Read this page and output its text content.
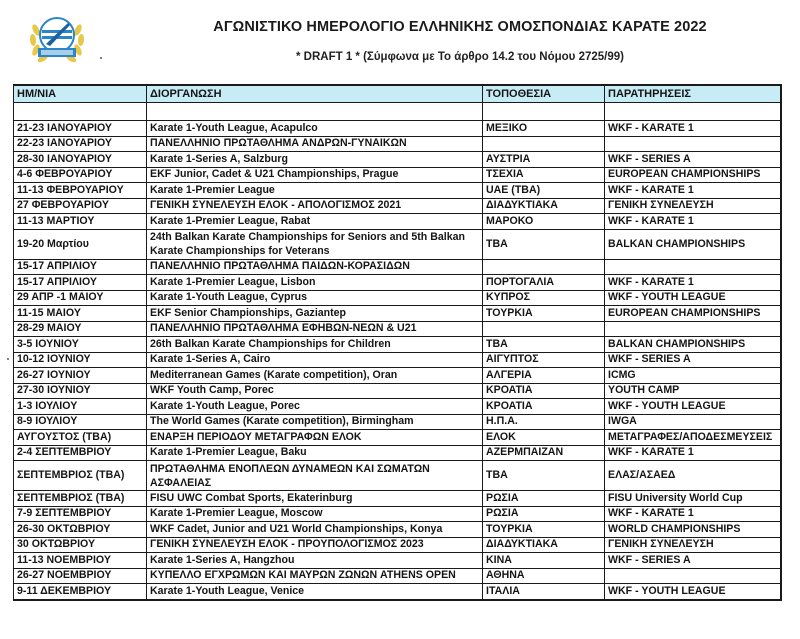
ΑΓΩΝΙΣΤΙΚΟ ΗΜΕΡΟΛΟΓΙΟ ΕΛΛΗΝΙΚΗΣ ΟΜΟΣΠΟΝΔΙΑΣ ΚΑΡΑΤΕ 2022
* DRAFT 1 * (Σύμφωνα με Το άρθρο 14.2 του Νόμου 2725/99)
ΗΜ/ΝΙΑ	ΔΙΟΡΓΑΝΩΣΗ	ΤΟΠΟΘΕΣΙΑ	ΠΑΡΑΤΗΡΗΣΕΙΣ

21-23 ΙΑΝΟΥΑΡΙΟΥ	Karate 1-Youth League, Acapulco	ΜΕΞΙΚΟ	WKF - KARATE 1
22-23 ΙΑΝΟΥΑΡΙΟΥ	ΠΑΝΕΛΛΗΝΙΟ ΠΡΩΤΑΘΛΗΜΑ ΑΝΔΡΩΝ-ΓΥΝΑΙΚΩΝ		
28-30 ΙΑΝΟΥΑΡΙΟΥ	Karate 1-Series A, Salzburg	ΑΥΣΤΡΙΑ	WKF - SERIES A
4-6 ΦΕΒΡΟΥΑΡΙΟΥ	EKF Junior, Cadet & U21 Championships, Prague	ΤΣΕΧΙΑ	EUROPEAN CHAMPIONSHIPS
11-13 ΦΕΒΡΟΥΑΡΙΟΥ	Karate 1-Premier League	UAE (TBA)	WKF - KARATE 1
27 ΦΕΒΡΟΥΑΡΙΟΥ	ΓΕΝΙΚΗ ΣΥΝΕΛΕΥΣΗ ΕΛΟΚ - ΑΠΟΛΟΓΙΣΜΟΣ 2021	ΔΙΑΔΥΚΤΙΑΚΑ	ΓΕΝΙΚΗ ΣΥΝΕΛΕΥΣΗ
11-13 ΜΑΡΤΙΟΥ	Karate 1-Premier League, Rabat	ΜΑΡΟΚΟ	WKF - KARATE 1
19-20 Μαρτίου	24th Balkan Karate Championships for Seniors and 5th Balkan Karate Championships for Veterans	TBA	BALKAN CHAMPIONSHIPS
15-17 ΑΠΡΙΛΙΟΥ	ΠΑΝΕΛΛΗΝΙΟ ΠΡΩΤΑΘΛΗΜΑ ΠΑΙΔΩΝ-ΚΟΡΑΣΙΔΩΝ		
15-17 ΑΠΡΙΛΙΟΥ	Karate 1-Premier League, Lisbon	ΠΟΡΤΟΓΑΛΙΑ	WKF - KARATE 1
29 ΑΠΡ -1 ΜΑΙΟΥ	Karate 1-Youth League, Cyprus	ΚΥΠΡΟΣ	WKF - YOUTH LEAGUE
11-15 ΜΑΙΟΥ	EKF Senior Championships, Gaziantep	ΤΟΥΡΚΙΑ	EUROPEAN CHAMPIONSHIPS
28-29 ΜΑΙΟΥ	ΠΑΝΕΛΛΗΝΙΟ ΠΡΩΤΑΘΛΗΜΑ ΕΦΗΒΩΝ-ΝΕΩΝ & U21		
3-5 ΙΟΥΝΙΟΥ	26th Balkan Karate Championships for Children	TBA	BALKAN CHAMPIONSHIPS
10-12 ΙΟΥΝΙΟΥ	Karate 1-Series A, Cairo	ΑΙΓΥΠΤΟΣ	WKF - SERIES A
26-27 ΙΟΥΝΙΟΥ	Mediterranean Games (Karate competition), Oran	ΑΛΓΕΡΙΑ	ICMG
27-30 ΙΟΥΝΙΟΥ	WKF Youth Camp, Porec	ΚΡΟΑΤΙΑ	YOUTH CAMP
1-3 ΙΟΥΛΙΟΥ	Karate 1-Youth League, Porec	ΚΡΟΑΤΙΑ	WKF - YOUTH LEAGUE
8-9 ΙΟΥΛΙΟΥ	The World Games (Karate competition), Birmingham	Η.Π.Α.	IWGA
ΑΥΓΟΥΣΤΟΣ (TBA)	ΕΝΑΡΞΗ ΠΕΡΙΟΔΟΥ ΜΕΤΑΓΡΑΦΩΝ ΕΛΟΚ	ΕΛΟΚ	ΜΕΤΑΓΡΑΦΕΣ/ΑΠΟΔΕΣΜΕΥΣΕΙΣ
2-4 ΣΕΠΤΕΜΒΡΙΟΥ	Karate 1-Premier League, Baku	ΑΖΕΡΜΠΑΙΖΑΝ	WKF - KARATE 1
ΣΕΠΤΕΜΒΡΙΟΣ (TBA)	ΠΡΩΤΑΘΛΗΜΑ ΕΝΟΠΛΕΩΝ ΔΥΝΑΜΕΩΝ ΚΑΙ ΣΩΜΑΤΩΝ ΑΣΦΑΛΕΙΑΣ	TBA	ΕΛΑΣ/ΑΣΑΕΔ
ΣΕΠΤΕΜΒΡΙΟΣ (TBA)	FISU UWC Combat Sports, Ekaterinburg	ΡΩΣΙΑ	FISU University World Cup
7-9 ΣΕΠΤΕΜΒΡΙΟΥ	Karate 1-Premier League, Moscow	ΡΩΣΙΑ	WKF - KARATE 1
26-30 ΟΚΤΩΒΡΙΟΥ	WKF Cadet, Junior and U21 World Championships, Konya	ΤΟΥΡΚΙΑ	WORLD CHAMPIONSHIPS
30 ΟΚΤΩΒΡΙΟΥ	ΓΕΝΙΚΗ ΣΥΝΕΛΕΥΣΗ ΕΛΟΚ - ΠΡΟΥΠΟΛΟΓΙΣΜΟΣ 2023	ΔΙΑΔΥΚΤΙΑΚΑ	ΓΕΝΙΚΗ ΣΥΝΕΛΕΥΣΗ
11-13 ΝΟΕΜΒΡΙΟΥ	Karate 1-Series A, Hangzhou	ΚΙΝΑ	WKF - SERIES A
26-27 ΝΟΕΜΒΡΙΟΥ	ΚΥΠΕΛΛΟ ΕΓΧΡΩΜΩΝ ΚΑΙ ΜΑΥΡΩΝ ΖΩΝΩΝ ATHENS OPEN	ΑΘΗΝΑ	
9-11 ΔΕΚΕΜΒΡΙΟΥ	Karate 1-Youth League, Venice	ΙΤΑΛΙΑ	WKF - YOUTH LEAGUE
